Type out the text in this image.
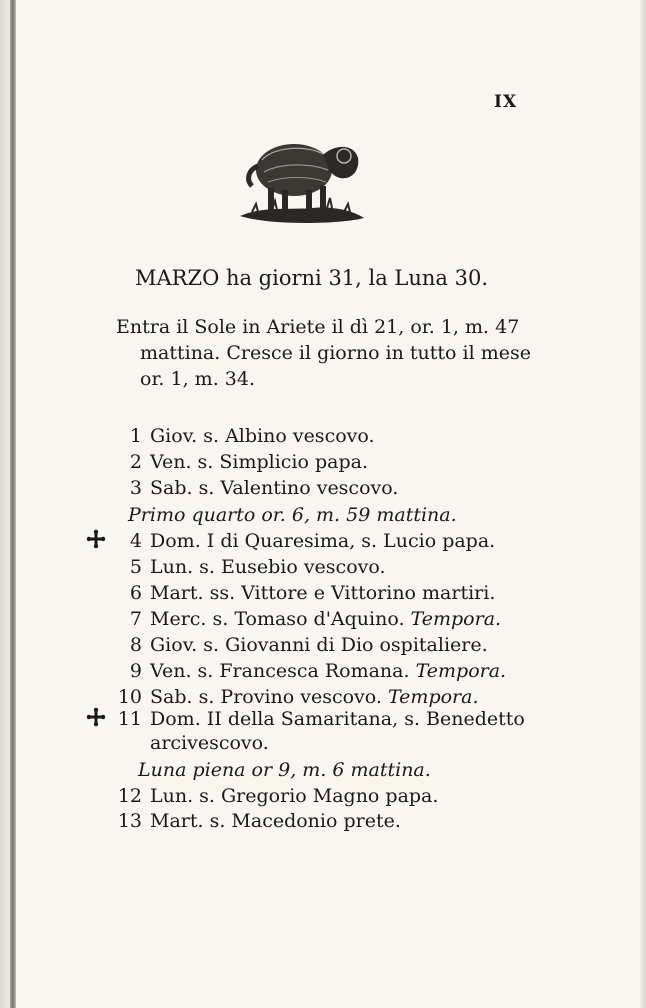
IX
MARZO ha giorni 31, la Luna 30.
Entra il Sole in Ariete il dì 21, or. 1, m. 47
mattina. Cresce il giorno in tutto il mese
or. 1, m. 34.
1 Giov. s. Albino vescovo.
2 Ven. s. Simplicio papa.
3 Sab. s. Valentino vescovo.
Primo quarto or. 6, m. 59 mattina.
4 Dom. I di Quaresima, s. Lucio papa.
5 Lun. s. Eusebio vescovo.
6 Mart. ss. Vittore e Vittorino martiri.
7 Merc. s. Tomaso d'Aquino. Tempora.
8 Giov. s. Giovanni di Dio ospitaliere.
9 Ven. s. Francesca Romana. Tempora.
10 Sab. s. Provino vescovo. Tempora.
11 Dom. II della Samaritana, s. Benedetto
arcivescovo.
Luna piena or 9, m. 6 mattina.
12 Lun. s. Gregorio Magno papa.
13 Mart. s. Macedonio prete.
